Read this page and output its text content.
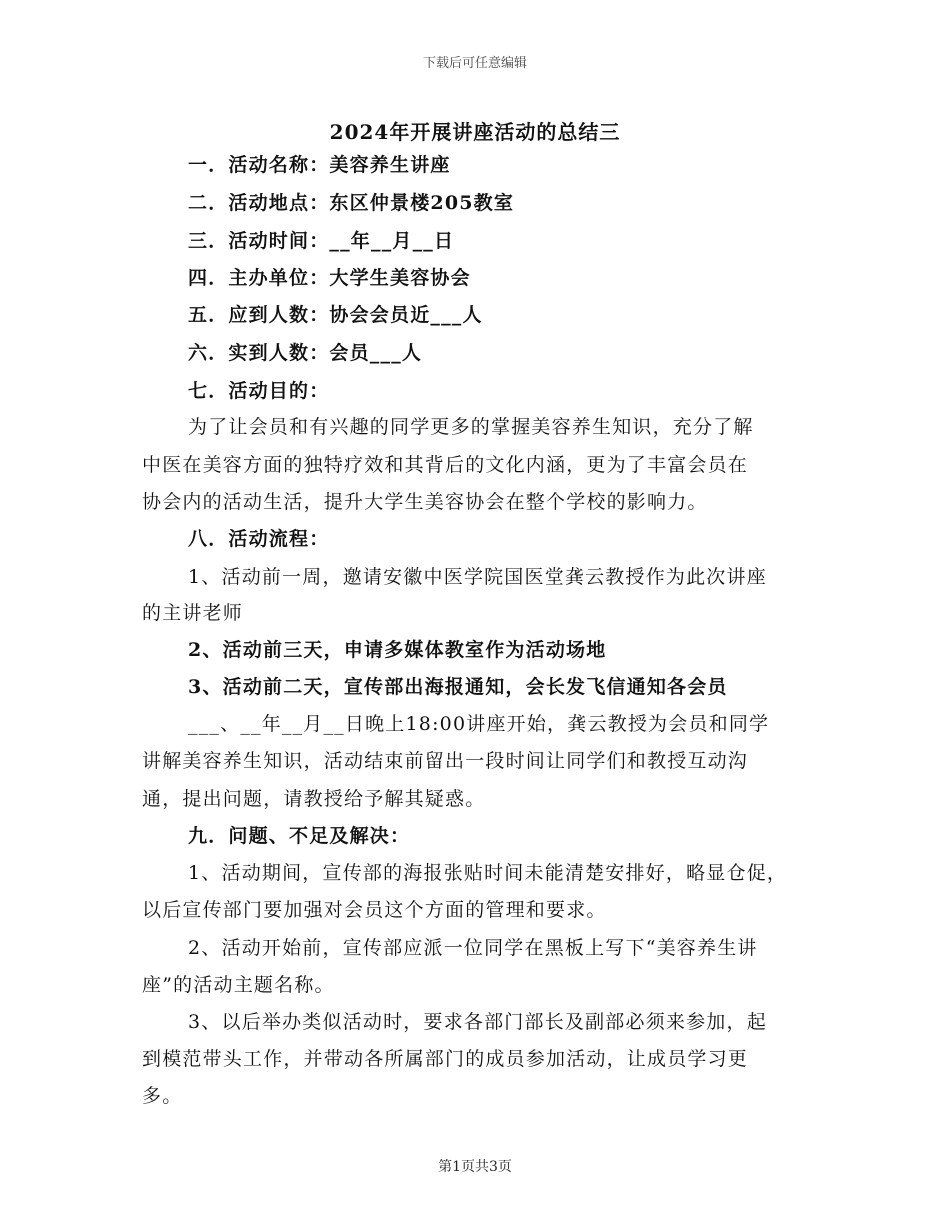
下载后可任意编辑
2024年开展讲座活动的总结三
一．活动名称：美容养生讲座
二．活动地点：东区仲景楼205教室
三．活动时间：__年__月__日
四．主办单位：大学生美容协会
五．应到人数：协会会员近___人
六．实到人数：会员___人
七．活动目的：
为了让会员和有兴趣的同学更多的掌握美容养生知识，充分了解
中医在美容方面的独特疗效和其背后的文化内涵，更为了丰富会员在
协会内的活动生活，提升大学生美容协会在整个学校的影响力。
八．活动流程：
1、活动前一周，邀请安徽中医学院国医堂龚云教授作为此次讲座
的主讲老师
2、活动前三天，申请多媒体教室作为活动场地
3、活动前二天，宣传部出海报通知，会长发飞信通知各会员
___、__年__月__日晚上18:00讲座开始，龚云教授为会员和同学
讲解美容养生知识，活动结束前留出一段时间让同学们和教授互动沟
通，提出问题，请教授给予解其疑惑。
九．问题、不足及解决：
1、活动期间，宣传部的海报张贴时间未能清楚安排好，略显仓促，
以后宣传部门要加强对会员这个方面的管理和要求。
2、活动开始前，宣传部应派一位同学在黑板上写下“美容养生讲
座”的活动主题名称。
3、以后举办类似活动时，要求各部门部长及副部必须来参加，起
到模范带头工作，并带动各所属部门的成员参加活动，让成员学习更
多。
第1页共3页
